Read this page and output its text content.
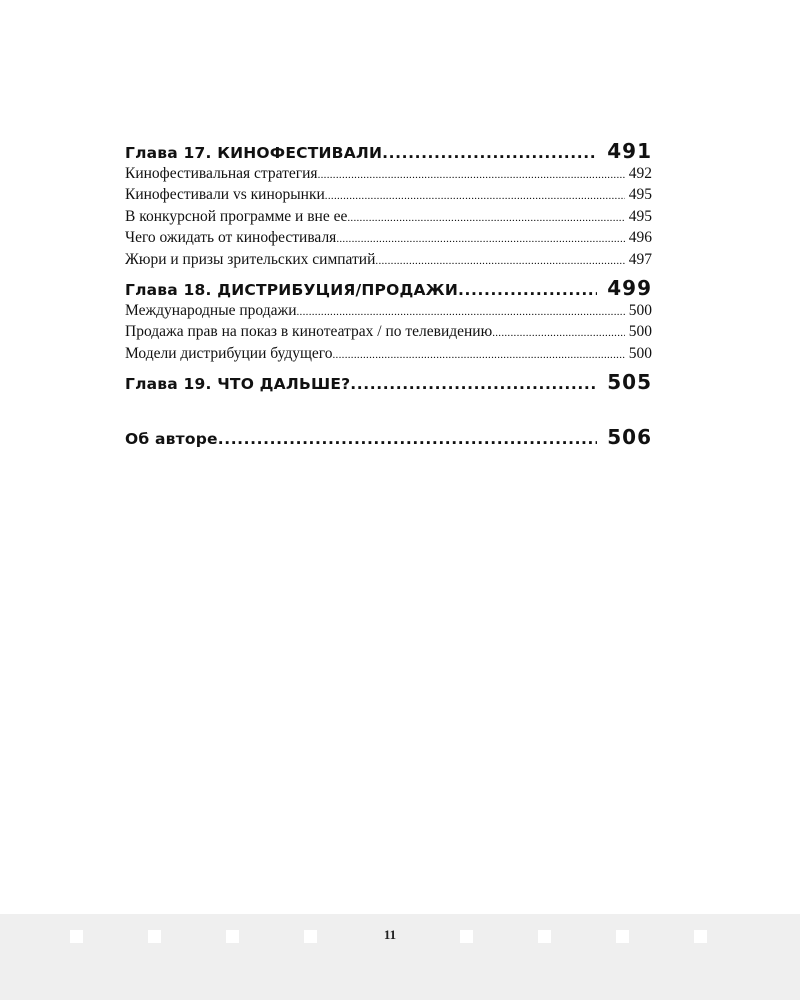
Глава 17. КИНОФЕСТИВАЛИ .....	491
Кинофестивальная стратегия .....	492
Кинофестивали vs кинорынки .....	495
В конкурсной программе и вне ее .....	495
Чего ожидать от кинофестиваля .....	496
Жюри и призы зрительских симпатий .....	497
Глава 18. ДИСТРИБУЦИЯ/ПРОДАЖИ .....	499
Международные продажи .....	500
Продажа прав на показ в кинотеатрах / по телевидению .....	500
Модели дистрибуции будущего .....	500
Глава 19. ЧТО ДАЛЬШЕ? .....	505
Об авторе .....	506
11
